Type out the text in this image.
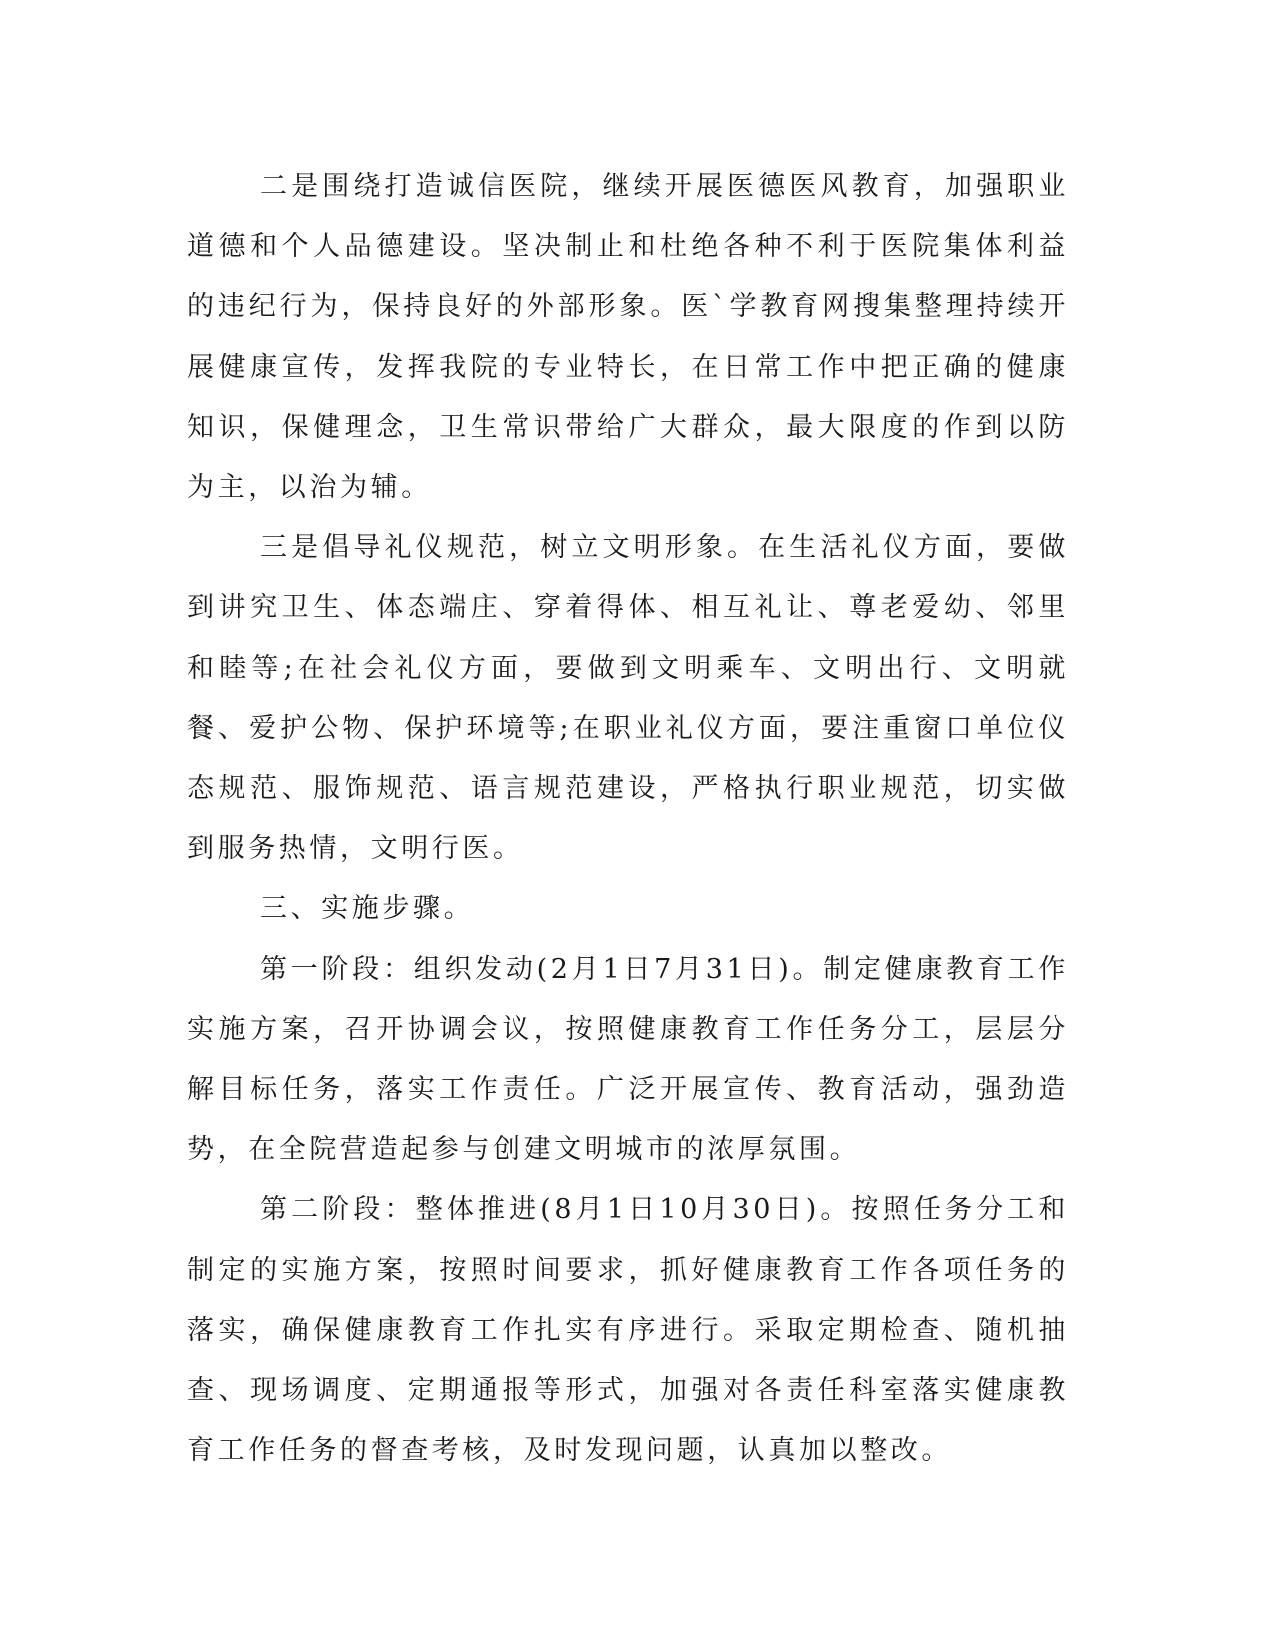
二是围绕打造诚信医院，继续开展医德医风教育，加强职业道德和个人品德建设。坚决制止和杜绝各种不利于医院集体利益的违纪行为，保持良好的外部形象。医`学教育网搜集整理持续开展健康宣传，发挥我院的专业特长，在日常工作中把正确的健康知识，保健理念，卫生常识带给广大群众，最大限度的作到以防为主，以治为辅。

三是倡导礼仪规范，树立文明形象。在生活礼仪方面，要做到讲究卫生、体态端庄、穿着得体、相互礼让、尊老爱幼、邻里和睦等;在社会礼仪方面，要做到文明乘车、文明出行、文明就餐、爱护公物、保护环境等;在职业礼仪方面，要注重窗口单位仪态规范、服饰规范、语言规范建设，严格执行职业规范，切实做到服务热情，文明行医。

三、实施步骤。

第一阶段：组织发动(2月1日7月31日)。制定健康教育工作实施方案，召开协调会议，按照健康教育工作任务分工，层层分解目标任务，落实工作责任。广泛开展宣传、教育活动，强劲造势，在全院营造起参与创建文明城市的浓厚氛围。

第二阶段：整体推进(8月1日10月30日)。按照任务分工和制定的实施方案，按照时间要求，抓好健康教育工作各项任务的落实，确保健康教育工作扎实有序进行。采取定期检查、随机抽查、现场调度、定期通报等形式，加强对各责任科室落实健康教育工作任务的督查考核，及时发现问题，认真加以整改。
